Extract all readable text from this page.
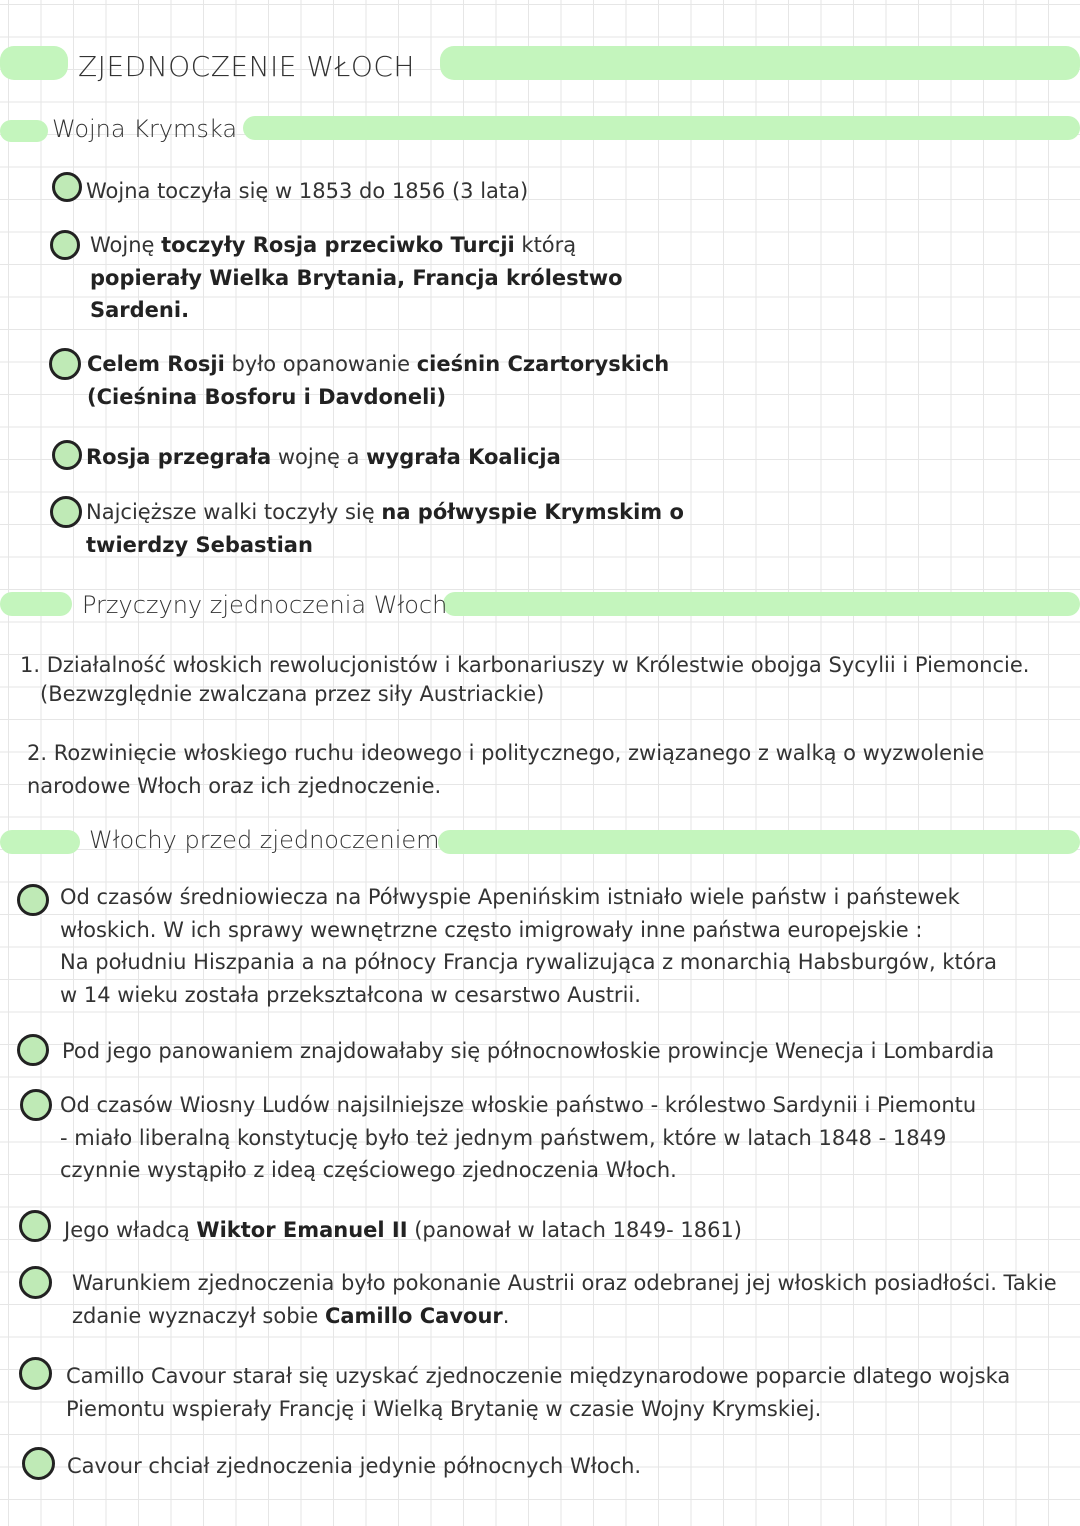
ZJEDNOCZENIE WŁOCH
Wojna Krymska
Wojna toczyła się w 1853 do 1856 (3 lata)
Wojnę toczyły Rosja przeciwko Turcji którą
popierały Wielka Brytania, Francja królestwo
Sardeni.
Celem Rosji było opanowanie cieśnin Czartoryskich
(Cieśnina Bosforu i Davdoneli)
Rosja przegrała wojnę a wygrała Koalicja
Najcięższe walki toczyły się na półwyspie Krymskim o
twierdzy Sebastian
Przyczyny zjednoczenia Włoch
1. Działalność włoskich rewolucjonistów i karbonariuszy w Królestwie obojga Sycylii i Piemoncie.
(Bezwzględnie zwalczana przez siły Austriackie)
2. Rozwinięcie włoskiego ruchu ideowego i politycznego, związanego z walką o wyzwolenie
narodowe Włoch oraz ich zjednoczenie.
Włochy przed zjednoczeniem
Od czasów średniowiecza na Półwyspie Apenińskim istniało wiele państw i państewek
włoskich. W ich sprawy wewnętrzne często imigrowały inne państwa europejskie :
Na południu Hiszpania a na północy Francja rywalizująca z monarchią Habsburgów, która
w 14 wieku została przekształcona w cesarstwo Austrii.
Pod jego panowaniem znajdowałaby się północnowłoskie prowincje Wenecja i Lombardia
Od czasów Wiosny Ludów najsilniejsze włoskie państwo - królestwo Sardynii i Piemontu
- miało liberalną konstytucję było też jednym państwem, które w latach 1848 - 1849
czynnie wystąpiło z ideą częściowego zjednoczenia Włoch.
Jego władcą Wiktor Emanuel II (panował w latach 1849- 1861)
Warunkiem zjednoczenia było pokonanie Austrii oraz odebranej jej włoskich posiadłości. Takie
zdanie wyznaczył sobie Camillo Cavour.
Camillo Cavour starał się uzyskać zjednoczenie międzynarodowe poparcie dlatego wojska
Piemontu wspierały Francję i Wielką Brytanię w czasie Wojny Krymskiej.
Cavour chciał zjednoczenia jedynie północnych Włoch.
